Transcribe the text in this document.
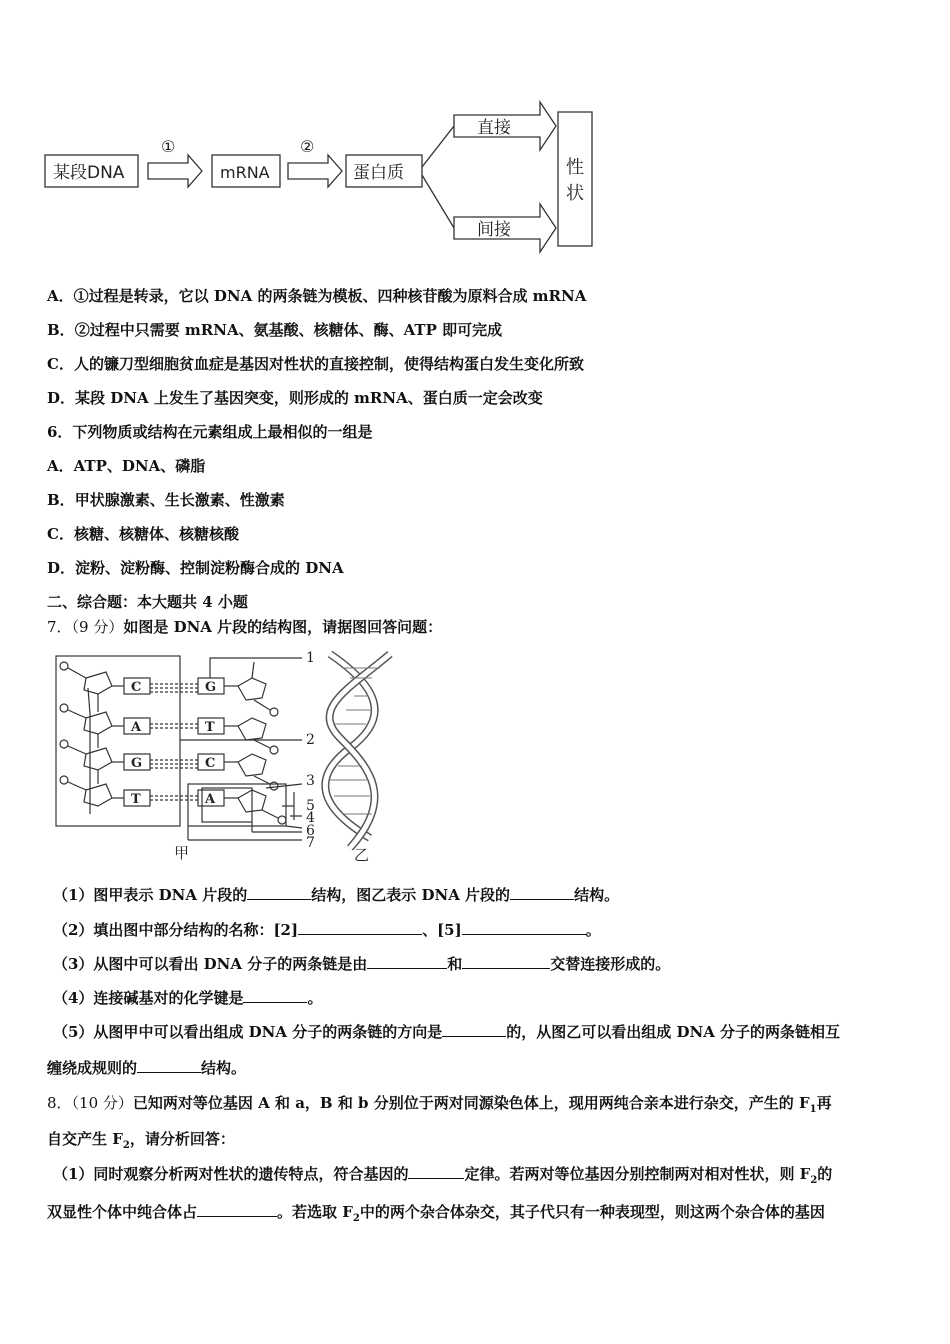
某段DNA
①
mRNA
②
蛋白质
直接
间接
性
状
A．①过程是转录，它以 DNA 的两条链为模板、四种核苷酸为原料合成 mRNA
B．②过程中只需要 mRNA、氨基酸、核糖体、酶、ATP 即可完成
C．人的镰刀型细胞贫血症是基因对性状的直接控制，使得结构蛋白发生变化所致
D．某段 DNA 上发生了基因突变，则形成的 mRNA、蛋白质一定会改变
6．下列物质或结构在元素组成上最相似的一组是
A．ATP、DNA、磷脂
B．甲状腺激素、生长激素、性激素
C．核糖、核糖体、核糖核酸
D．淀粉、淀粉酶、控制淀粉酶合成的 DNA
二、综合题：本大题共 4 小题
7．（9 分）如图是 DNA 片段的结构图，请据图回答问题：
C
A
G
T
G
T
C
A
1
2
3
5
4
6
7
甲	乙
（1）图甲表示 DNA 片段的	结构，图乙表示 DNA 片段的	结构。
（2）填出图中部分结构的名称：[2]	、[5]	。
（3）从图中可以看出 DNA 分子的两条链是由	和	交替连接形成的。
（4）连接碱基对的化学键是	。
（5）从图甲中可以看出组成 DNA 分子的两条链的方向是	的，从图乙可以看出组成 DNA 分子的两条链相互
缠绕成规则的	结构。
8．（10 分）已知两对等位基因 A 和 a，B 和 b 分别位于两对同源染色体上，现用两纯合亲本进行杂交，产生的 $F_1$再
自交产生 $F_2$，请分析回答：
（1）同时观察分析两对性状的遗传特点，符合基因的	定律。若两对等位基因分别控制两对相对性状，则 $F_2$的
双显性个体中纯合体占	。若选取 $F_2$中的两个杂合体杂交，其子代只有一种表现型，则这两个杂合体的基因
